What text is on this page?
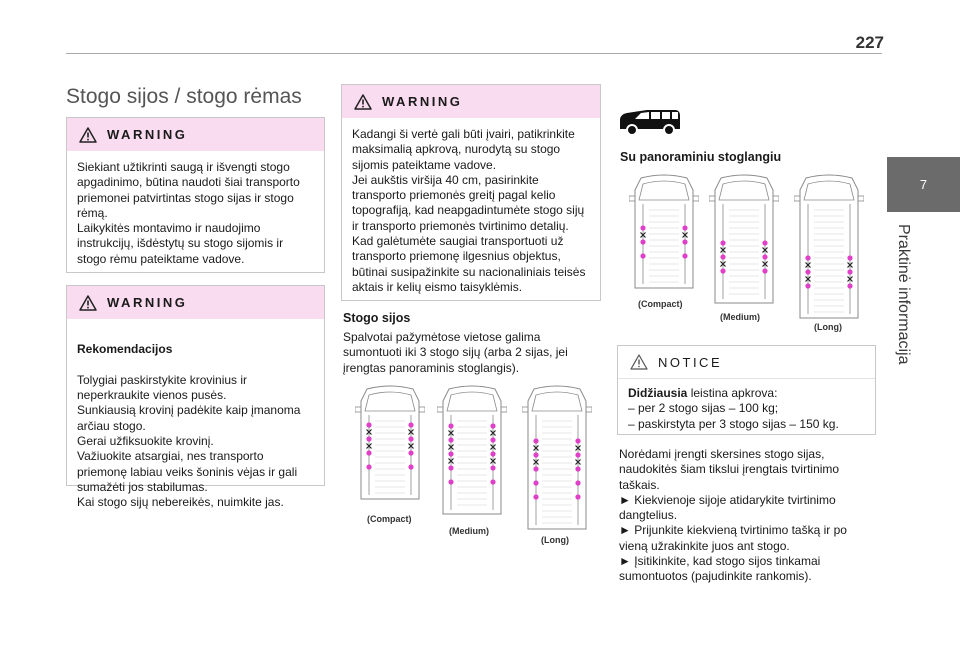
227
7
Praktinė informacija
Stogo sijos / stogo rėmas
WARNING
Siekiant užtikrinti saugą ir išvengti stogo apgadinimo, būtina naudoti šiai transporto priemonei patvirtintas stogo sijas ir stogo rėmą.
Laikykitės montavimo ir naudojimo instrukcijų, išdėstytų su stogo sijomis ir stogo rėmu pateiktame vadove.
WARNING

Rekomendacijos

Tolygiai paskirstykite krovinius ir neperkraukite vienos pusės.
Sunkiausią krovinį padėkite kaip įmanoma arčiau stogo.
Gerai užfiksuokite krovinį.
Važiuokite atsargiai, nes transporto priemonę labiau veiks šoninis vėjas ir gali sumažėti jos stabilumas.
Kai stogo sijų nebereikės, nuimkite jas.

WARNING
Kadangi ši vertė gali būti įvairi, patikrinkite maksimalią apkrovą, nurodytą su stogo sijomis pateiktame vadove.
Jei aukštis viršija 40 cm, pasirinkite transporto priemonės greitį pagal kelio topografiją, kad neapgadintumėte stogo sijų ir transporto priemonės tvirtinimo detalių.
Kad galėtumėte saugiai transportuoti už transporto priemonę ilgesnius objektus, būtinai susipažinkite su nacionaliniais teisės aktais ir kelių eismo taisyklėmis.
Stogo sijos
Spalvotai pažymėtose vietose galima sumontuoti iki 3 stogo sijų (arba 2 sijas, jei įrengtas panoraminis stoglangis).
(Compact)
(Medium)
(Long)
Su panoraminiu stoglangiu
(Compact)
(Medium)
(Long)
NOTICE
Didžiausia leistina apkrova:
– per 2 stogo sijas – 100 kg;
– paskirstyta per 3 stogo sijas – 150 kg.
Norėdami įrengti skersines stogo sijas, naudokitės šiam tikslui įrengtais tvirtinimo taškais.
► Kiekvienoje sijoje atidarykite tvirtinimo dangtelius.
► Prijunkite kiekvieną tvirtinimo tašką ir po vieną užrakinkite juos ant stogo.
► Įsitikinkite, kad stogo sijos tinkamai sumontuotos (pajudinkite rankomis).
